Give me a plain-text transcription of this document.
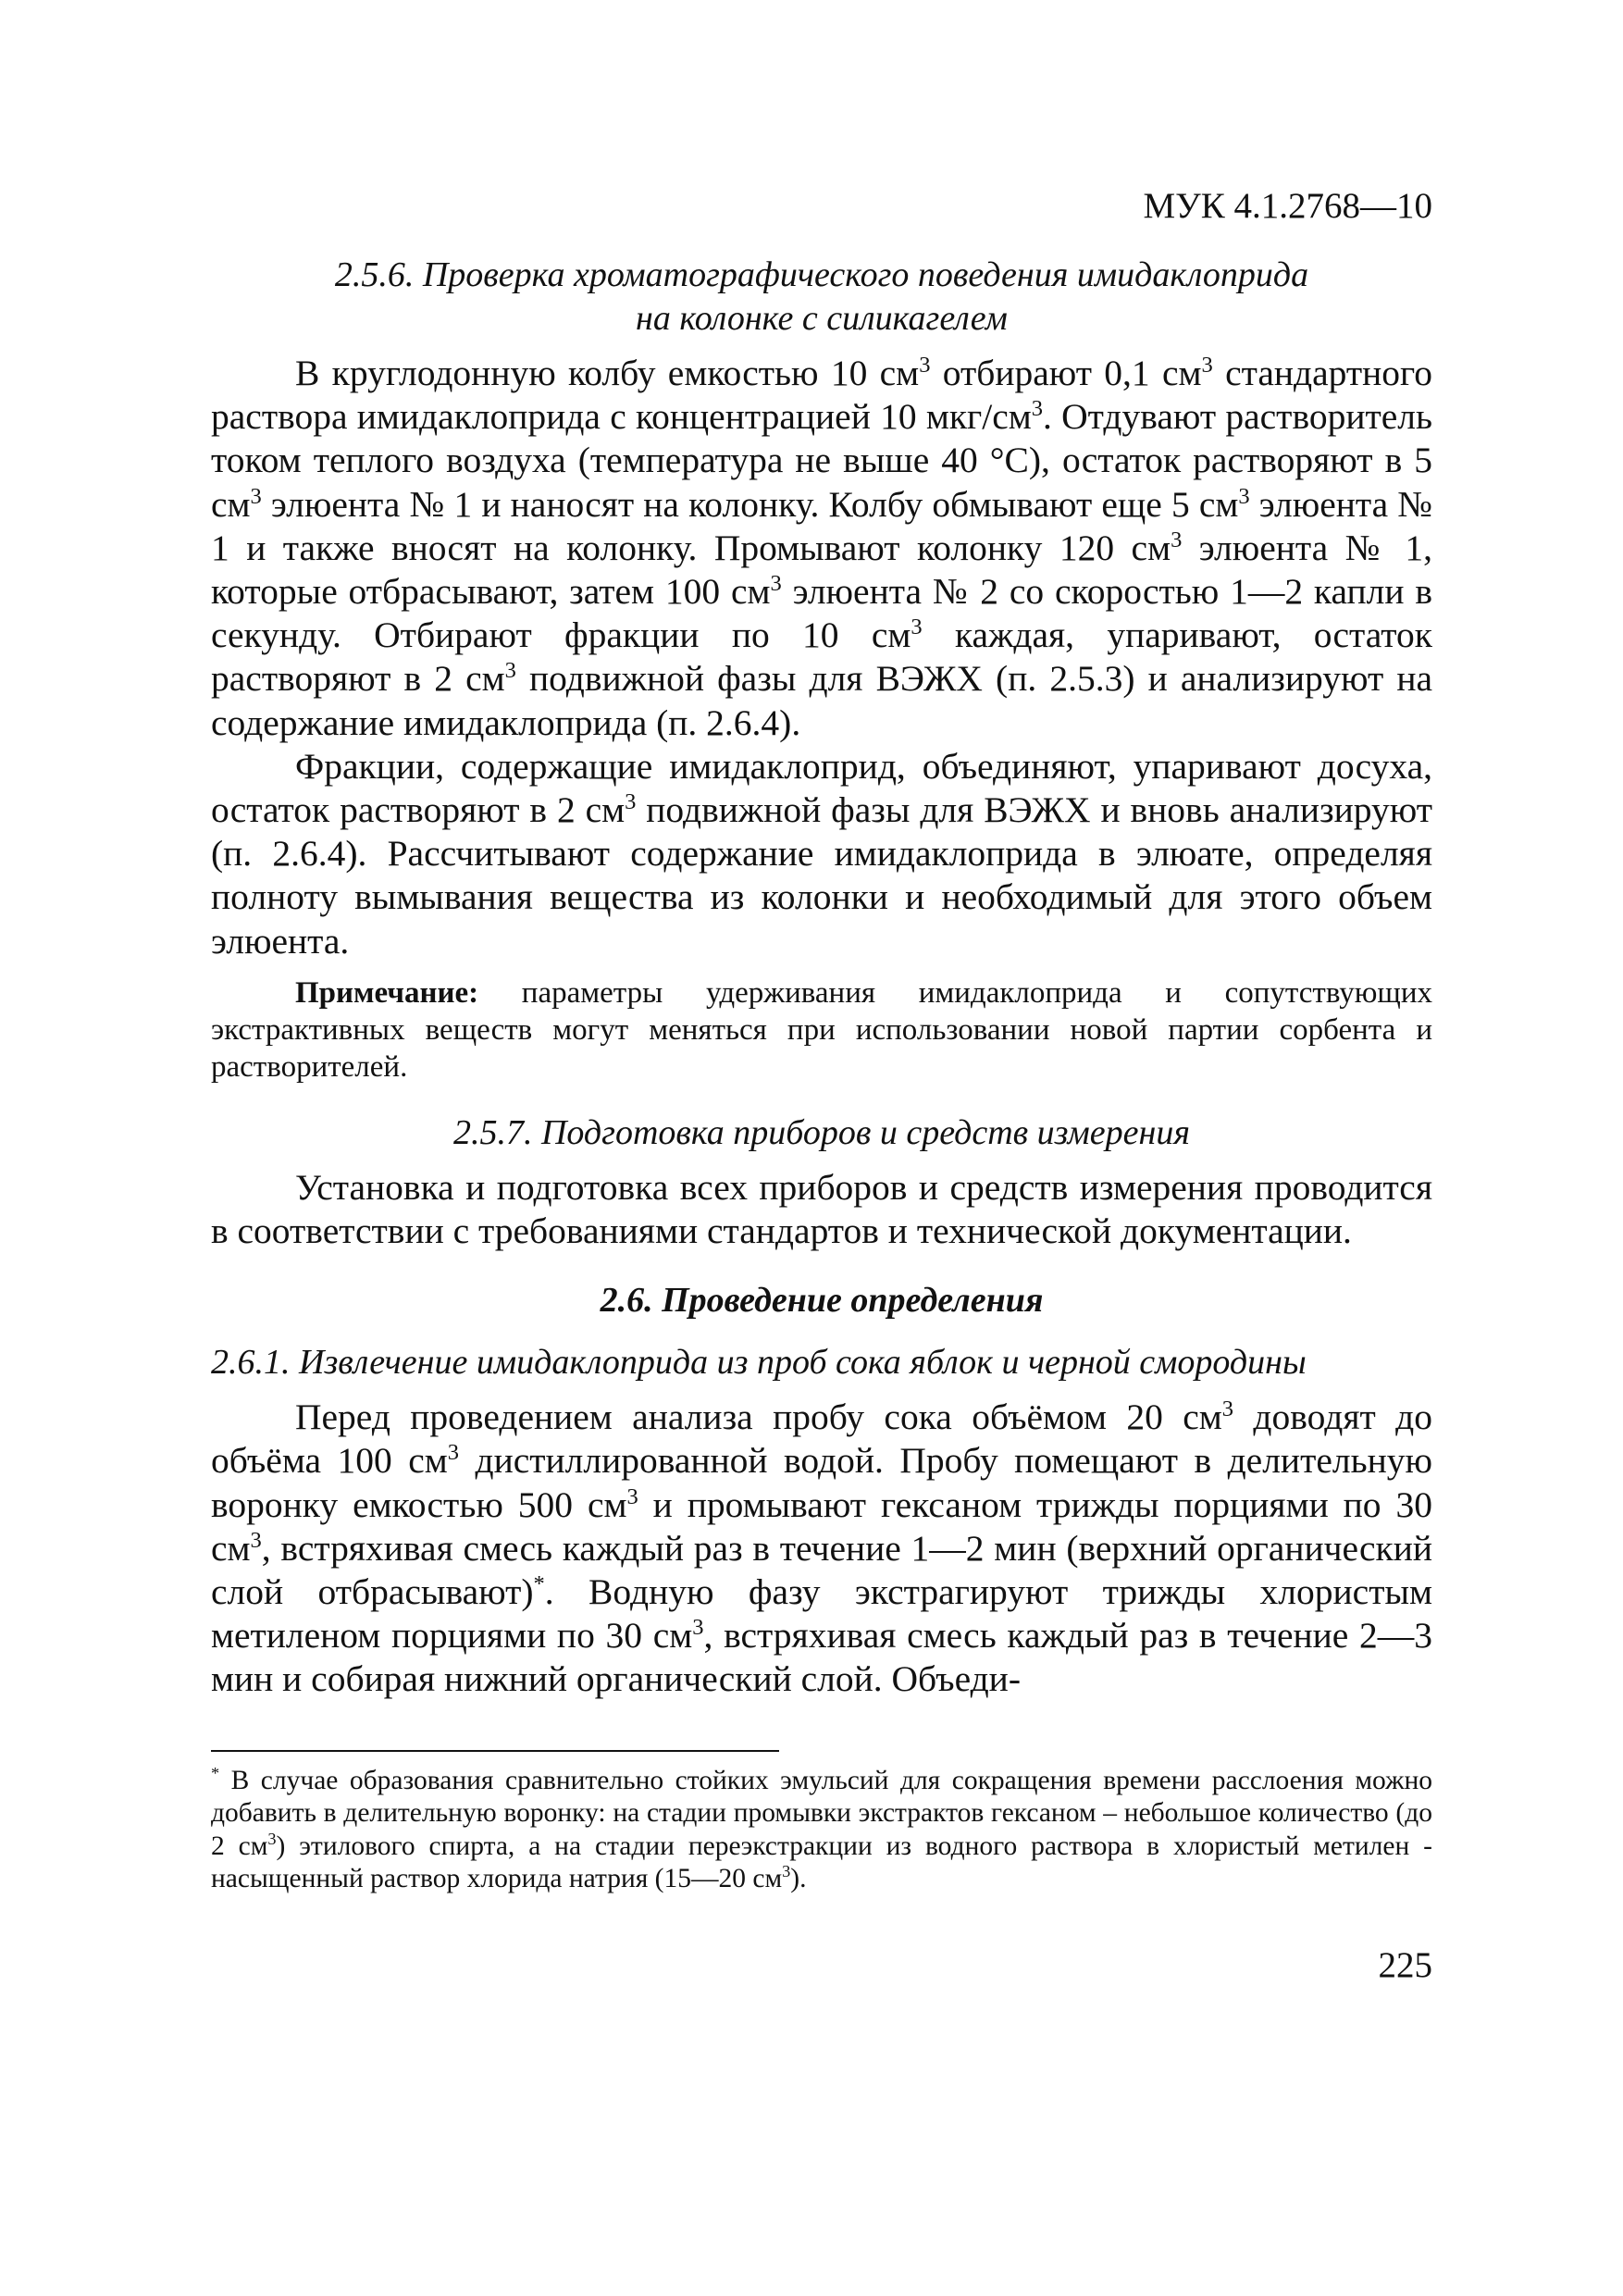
МУК 4.1.2768—10

2.5.6. Проверка хроматографического поведения имидаклоприда

на колонке с силикагелем

В круглодонную колбу емкостью 10 $см^3$ отбирают 0,1 $см^3$ стандартного раствора имидаклоприда с концентрацией 10 мкг/$см^3$. Отдувают растворитель током теплого воздуха (температура не выше 40 °С), остаток растворяют в 5 $см^3$ элюента № 1 и наносят на колонку. Колбу обмывают еще 5 $см^3$ элюента № 1 и также вносят на колонку. Промывают колонку 120 $см^3$ элюента № 1, которые отбрасывают, затем 100 $см^3$ элюента № 2 со скоростью 1—2 капли в секунду. Отбирают фракции по 10 $см^3$ каждая, упаривают, остаток растворяют в 2 $см^3$ подвижной фазы для ВЭЖХ (п. 2.5.3) и анализируют на содержание имидаклоприда (п. 2.6.4).

Фракции, содержащие имидаклоприд, объединяют, упаривают досуха, остаток растворяют в 2 $см^3$ подвижной фазы для ВЭЖХ и вновь анализируют (п. 2.6.4). Рассчитывают содержание имидаклоприда в элюате, определяя полноту вымывания вещества из колонки и необходимый для этого объем элюента.

Примечание: параметры удерживания имидаклоприда и сопутствующих экстрактивных веществ могут меняться при использовании новой партии сорбента и растворителей.

2.5.7. Подготовка приборов и средств измерения

Установка и подготовка всех приборов и средств измерения проводится в соответствии с требованиями стандартов и технической документации.

2.6. Проведение определения

2.6.1. Извлечение имидаклоприда из проб сока яблок и черной смородины

Перед проведением анализа пробу сока объёмом 20 $см^3$ доводят до объёма 100 $см^3$ дистиллированной водой. Пробу помещают в делительную воронку емкостью 500 $см^3$ и промывают гексаном трижды порциями по 30 $см^3$, встряхивая смесь каждый раз в течение 1—2 мин (верхний органический слой отбрасывают)*. Водную фазу экстрагируют трижды хлористым метиленом порциями по 30 $см^3$, встряхивая смесь каждый раз в течение 2—3 мин и собирая нижний органический слой. Объеди-

* В случае образования сравнительно стойких эмульсий для сокращения времени расслоения можно добавить в делительную воронку: на стадии промывки экстрактов гексаном – небольшое количество (до 2 $см^3$) этилового спирта, а на стадии переэкстракции из водного раствора в хлористый метилен - насыщенный раствор хлорида натрия (15—20 $см^3$).

225
